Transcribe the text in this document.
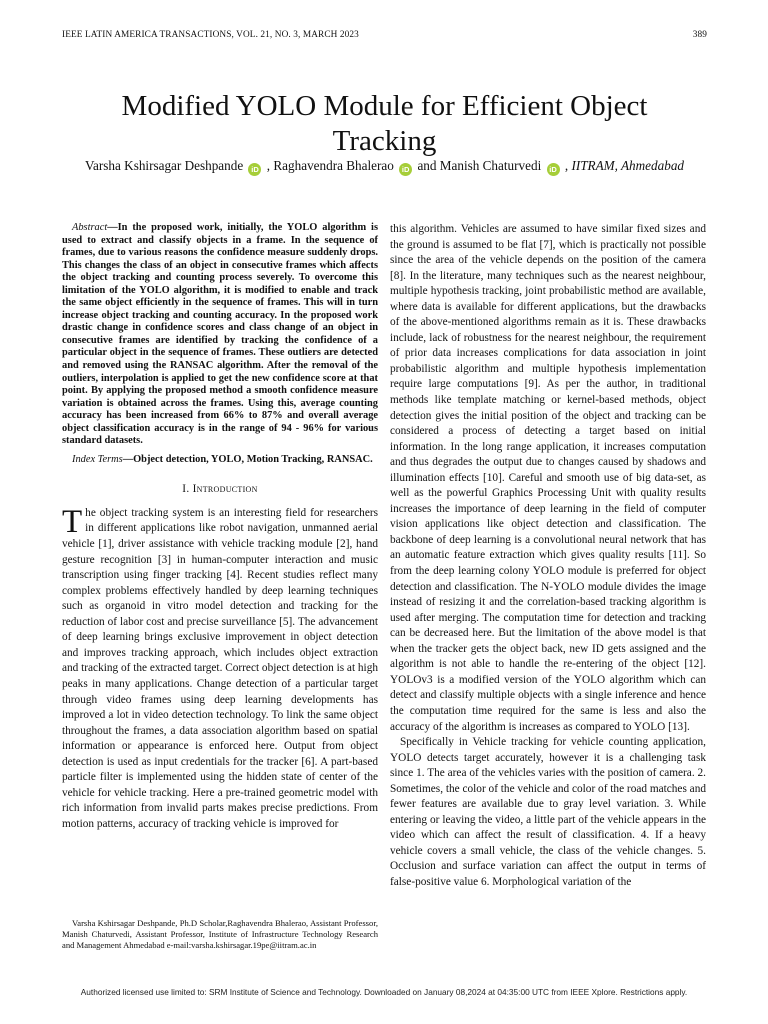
IEEE LATIN AMERICA TRANSACTIONS, VOL. 21, NO. 3, MARCH 2023	389
Modified YOLO Module for Efficient Object
Tracking
Varsha Kshirsagar Deshpande iD , Raghavendra Bhalerao iD and Manish Chaturvedi iD , IITRAM, Ahmedabad

Abstract—In the proposed work, initially, the YOLO algorithm is used to extract and classify objects in a frame. In the sequence of frames, due to various reasons the confidence measure suddenly drops. This changes the class of an object in consecutive frames which affects the object tracking and counting process severely. To overcome this limitation of the YOLO algorithm, it is modified to enable and track the same object efficiently in the sequence of frames. This will in turn increase object tracking and counting accuracy. In the proposed work drastic change in confidence scores and class change of an object in consecutive frames are identified by tracking the confidence of a particular object in the sequence of frames. These outliers are detected and removed using the RANSAC algorithm. After the removal of the outliers, interpolation is applied to get the new confidence score at that point. By applying the proposed method a smooth confidence measure variation is obtained across the frames. Using this, average counting accuracy has been increased from 66% to 87% and overall average object classification accuracy is in the range of 94 - 96% for various standard datasets.

Index Terms—Object detection, YOLO, Motion Tracking, RANSAC.

I. Introduction

The object tracking system is an interesting field for researchers in different applications like robot navigation, unmanned aerial vehicle [1], driver assistance with vehicle tracking module [2], hand gesture recognition [3] in human-computer interaction and music transcription using finger tracking [4]. Recent studies reflect many complex problems effectively handled by deep learning techniques such as organoid in vitro model detection and tracking for the reduction of labor cost and precise surveillance [5]. The advancement of deep learning brings exclusive improvement in object detection and improves tracking approach, which includes object extraction and tracking of the extracted target. Correct object detection is at high peaks in many applications. Change detection of a particular target through video frames using deep learning developments has improved a lot in video detection technology. To link the same object throughout the frames, a data association algorithm based on spatial information or appearance is enforced here. Output from object detection is used as input credentials for the tracker [6]. A part-based particle filter is implemented using the hidden state of center of the vehicle for vehicle tracking. Here a pre-trained geometric model with rich information from invalid parts makes precise predictions. From motion patterns, accuracy of tracking vehicle is improved for

Varsha Kshirsagar Deshpande, Ph.D Scholar,Raghavendra Bhalerao, Assistant Professor, Manish Chaturvedi, Assistant Professor, Institute of Infrastructure Technology Research and Management Ahmedabad e-mail:varsha.kshirsagar.19pe@iitram.ac.in

this algorithm. Vehicles are assumed to have similar fixed sizes and the ground is assumed to be flat [7], which is practically not possible since the area of the vehicle depends on the position of the camera [8]. In the literature, many techniques such as the nearest neighbour, multiple hypothesis tracking, joint probabilistic method are available, where data is available for different applications, but the drawbacks of the above-mentioned algorithms remain as it is. These drawbacks include, lack of robustness for the nearest neighbour, the requirement of prior data increases complications for data association in joint probabilistic algorithm and multiple hypothesis implementation require large computations [9]. As per the author, in traditional methods like template matching or kernel-based methods, object detection gives the initial position of the object and tracking can be considered a process of detecting a target based on initial information. In the long range application, it increases computation and thus degrades the output due to changes caused by shadows and illumination effects [10]. Careful and smooth use of big data-set, as well as the powerful Graphics Processing Unit with quality results increases the importance of deep learning in the field of computer vision applications like object detection and classification. The backbone of deep learning is a convolutional neural network that has an automatic feature extraction which gives quality results [11]. So from the deep learning colony YOLO module is preferred for object detection and classification. The N-YOLO module divides the image instead of resizing it and the correlation-based tracking algorithm is used after merging. The computation time for detection and tracking can be decreased here. But the limitation of the above model is that when the tracker gets the object back, new ID gets assigned and the algorithm is not able to handle the re-entering of the object [12]. YOLOv3 is a modified version of the YOLO algorithm which can detect and classify multiple objects with a single inference and hence the computation time required for the same is less and also the accuracy of the algorithm is increases as compared to YOLO [13].

Specifically in Vehicle tracking for vehicle counting application, YOLO detects target accurately, however it is a challenging task since 1. The area of the vehicles varies with the position of camera. 2. Sometimes, the color of the vehicle and color of the road matches and fewer features are available due to gray level variation. 3. While entering or leaving the video, a little part of the vehicle appears in the video which can affect the result of classification. 4. If a heavy vehicle covers a small vehicle, the class of the vehicle changes. 5. Occlusion and surface variation can affect the output in terms of false-positive value 6. Morphological variation of the

Authorized licensed use limited to: SRM Institute of Science and Technology. Downloaded on January 08,2024 at 04:35:00 UTC from IEEE Xplore. Restrictions apply.
